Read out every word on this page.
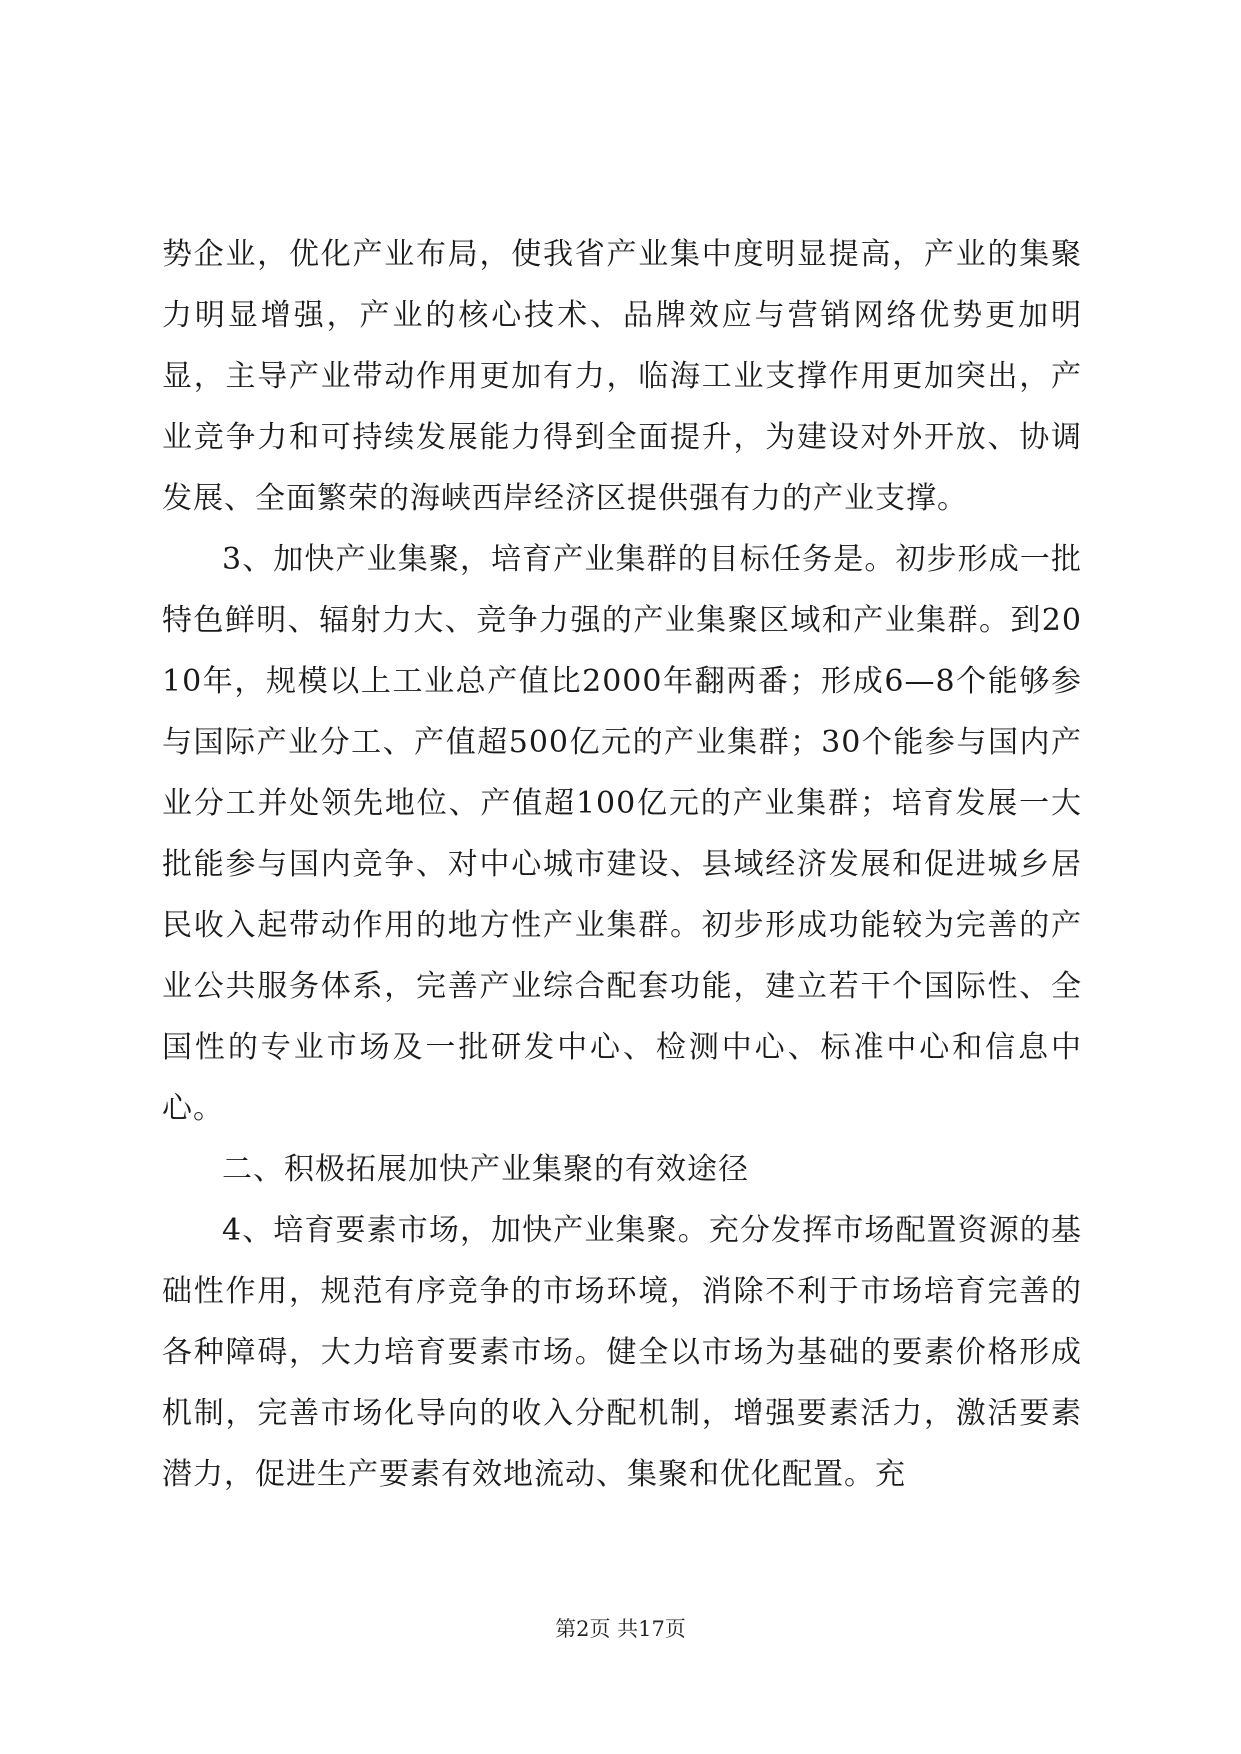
势企业，优化产业布局，使我省产业集中度明显提高，产业的集聚力明显增强，产业的核心技术、品牌效应与营销网络优势更加明显，主导产业带动作用更加有力，临海工业支撑作用更加突出，产业竞争力和可持续发展能力得到全面提升，为建设对外开放、协调发展、全面繁荣的海峡西岸经济区提供强有力的产业支撑。

3、加快产业集聚，培育产业集群的目标任务是。初步形成一批特色鲜明、辐射力大、竞争力强的产业集聚区域和产业集群。到2010年，规模以上工业总产值比2000年翻两番；形成6—8个能够参与国际产业分工、产值超500亿元的产业集群；30个能参与国内产业分工并处领先地位、产值超100亿元的产业集群；培育发展一大批能参与国内竞争、对中心城市建设、县域经济发展和促进城乡居民收入起带动作用的地方性产业集群。初步形成功能较为完善的产业公共服务体系，完善产业综合配套功能，建立若干个国际性、全国性的专业市场及一批研发中心、检测中心、标准中心和信息中心。

二、积极拓展加快产业集聚的有效途径

4、培育要素市场，加快产业集聚。充分发挥市场配置资源的基础性作用，规范有序竞争的市场环境，消除不利于市场培育完善的各种障碍，大力培育要素市场。健全以市场为基础的要素价格形成机制，完善市场化导向的收入分配机制，增强要素活力，激活要素潜力，促进生产要素有效地流动、集聚和优化配置。充

第2页 共17页
